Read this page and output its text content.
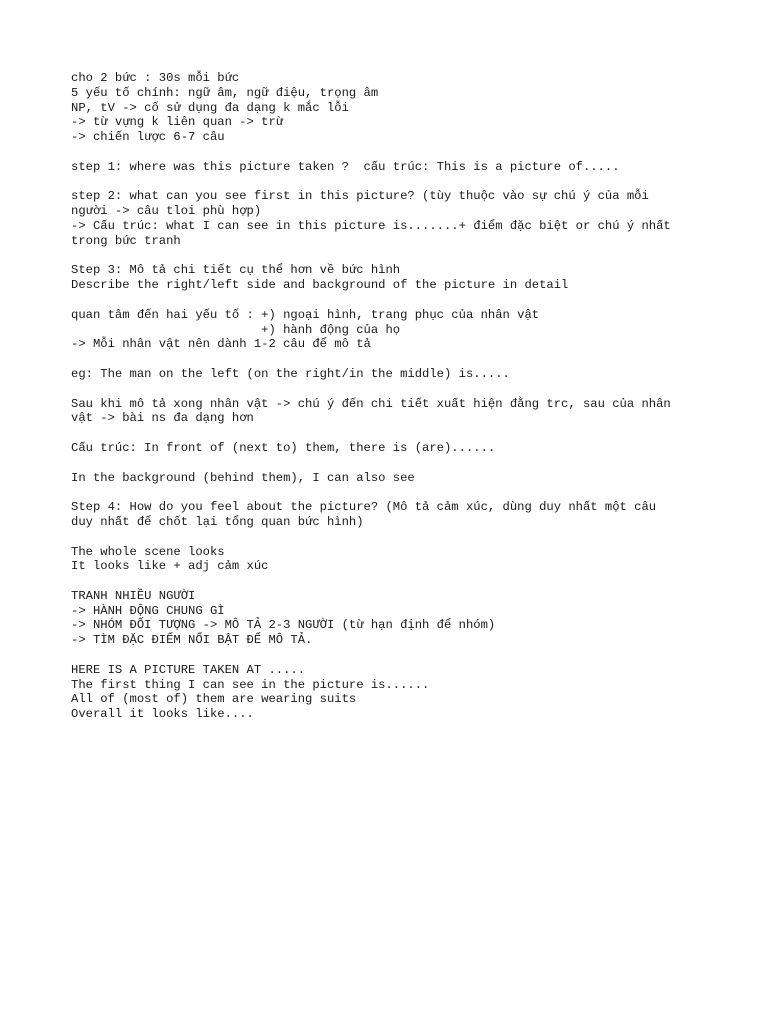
cho 2 bức : 30s mỗi bức
5 yếu tố chính: ngữ âm, ngữ điệu, trọng âm
NP, tV -> cố sử dụng đa dạng k mắc lỗi
-> từ vựng k liên quan -> trừ
-> chiến lược 6-7 câu
step 1: where was this picture taken ?  cấu trúc: This is a picture of.....
step 2: what can you see first in this picture? (tùy thuộc vào sự chú ý của mỗi
người -> câu tloi phù hợp)
-> Cấu trúc: what I can see in this picture is.......+ điểm đặc biệt or chú ý nhất
trong bức tranh
Step 3: Mô tả chi tiết cụ thể hơn về bức hình
Describe the right/left side and background of the picture in detail
quan tâm đến hai yếu tố : +) ngoại hình, trang phục của nhân vật
+) hành động của họ
-> Mỗi nhân vật nên dành 1-2 câu để mô tả
eg: The man on the left (on the right/in the middle) is.....
Sau khi mô tả xong nhân vật -> chú ý đến chi tiết xuất hiện đằng trc, sau của nhân
vật -> bài ns đa dạng hơn
Cấu trúc: In front of (next to) them, there is (are)......
In the background (behind them), I can also see
Step 4: How do you feel about the picture? (Mô tả cảm xúc, dùng duy nhất một câu
duy nhất để chốt lại tổng quan bức hình)
The whole scene looks
It looks like + adj cảm xúc
TRANH NHIỀU NGƯỜI
-> HÀNH ĐỘNG CHUNG GÌ
-> NHÓM ĐỐI TƯỢNG -> MÔ TẢ 2-3 NGƯỜI (từ hạn định để nhóm)
-> TÌM ĐẶC ĐIỂM NỔI BẬT ĐỂ MÔ TẢ.
HERE IS A PICTURE TAKEN AT .....
The first thing I can see in the picture is......
All of (most of) them are wearing suits
Overall it looks like....
